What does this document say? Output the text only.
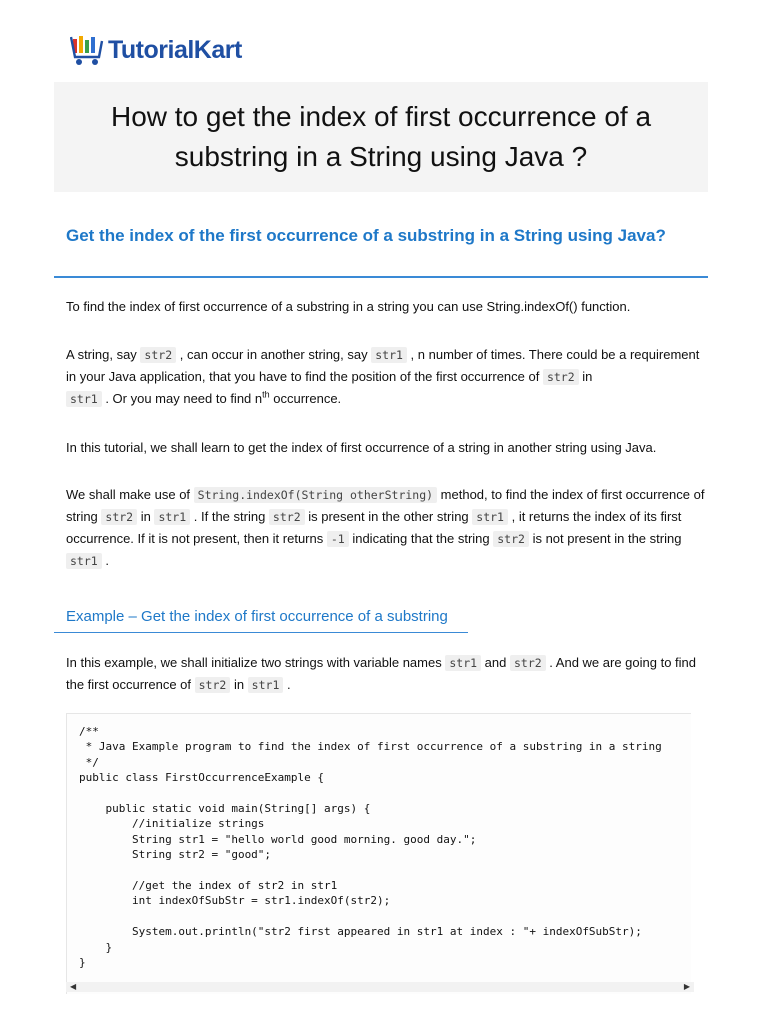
TutorialKart
How to get the index of first occurrence of a substring in a String using Java ?
Get the index of the first occurrence of a substring in a String using Java?
To find the index of first occurrence of a substring in a string you can use String.indexOf() function.
A string, say str2 , can occur in another string, say str1 , n number of times. There could be a requirement in your Java application, that you have to find the position of the first occurrence of str2 in
str1 . Or you may need to find $n^{th}$ occurrence.
In this tutorial, we shall learn to get the index of first occurrence of a string in another string using Java.
We shall make use of String.indexOf(String otherString) method, to find the index of first occurrence of string str2 in str1 . If the string str2 is present in the other string str1 , it returns the index of its first occurrence. If it is not present, then it returns -1 indicating that the string str2 is not present in the string str1 .
Example – Get the index of first occurrence of a substring
In this example, we shall initialize two strings with variable names str1 and str2 . And we are going to find the first occurrence of str2 in str1 .
/**
* Java Example program to find the index of first occurrence of a substring in a string
*/
public class FirstOccurrenceExample {

public static void main(String[] args) {
//initialize strings
String str1 = "hello world good morning. good day.";
String str2 = "good";

//get the index of str2 in str1
int indexOfSubStr = str1.indexOf(str2);

System.out.println("str2 first appeared in str1 at index : "+ indexOfSubStr);
}
}
◀	▶
